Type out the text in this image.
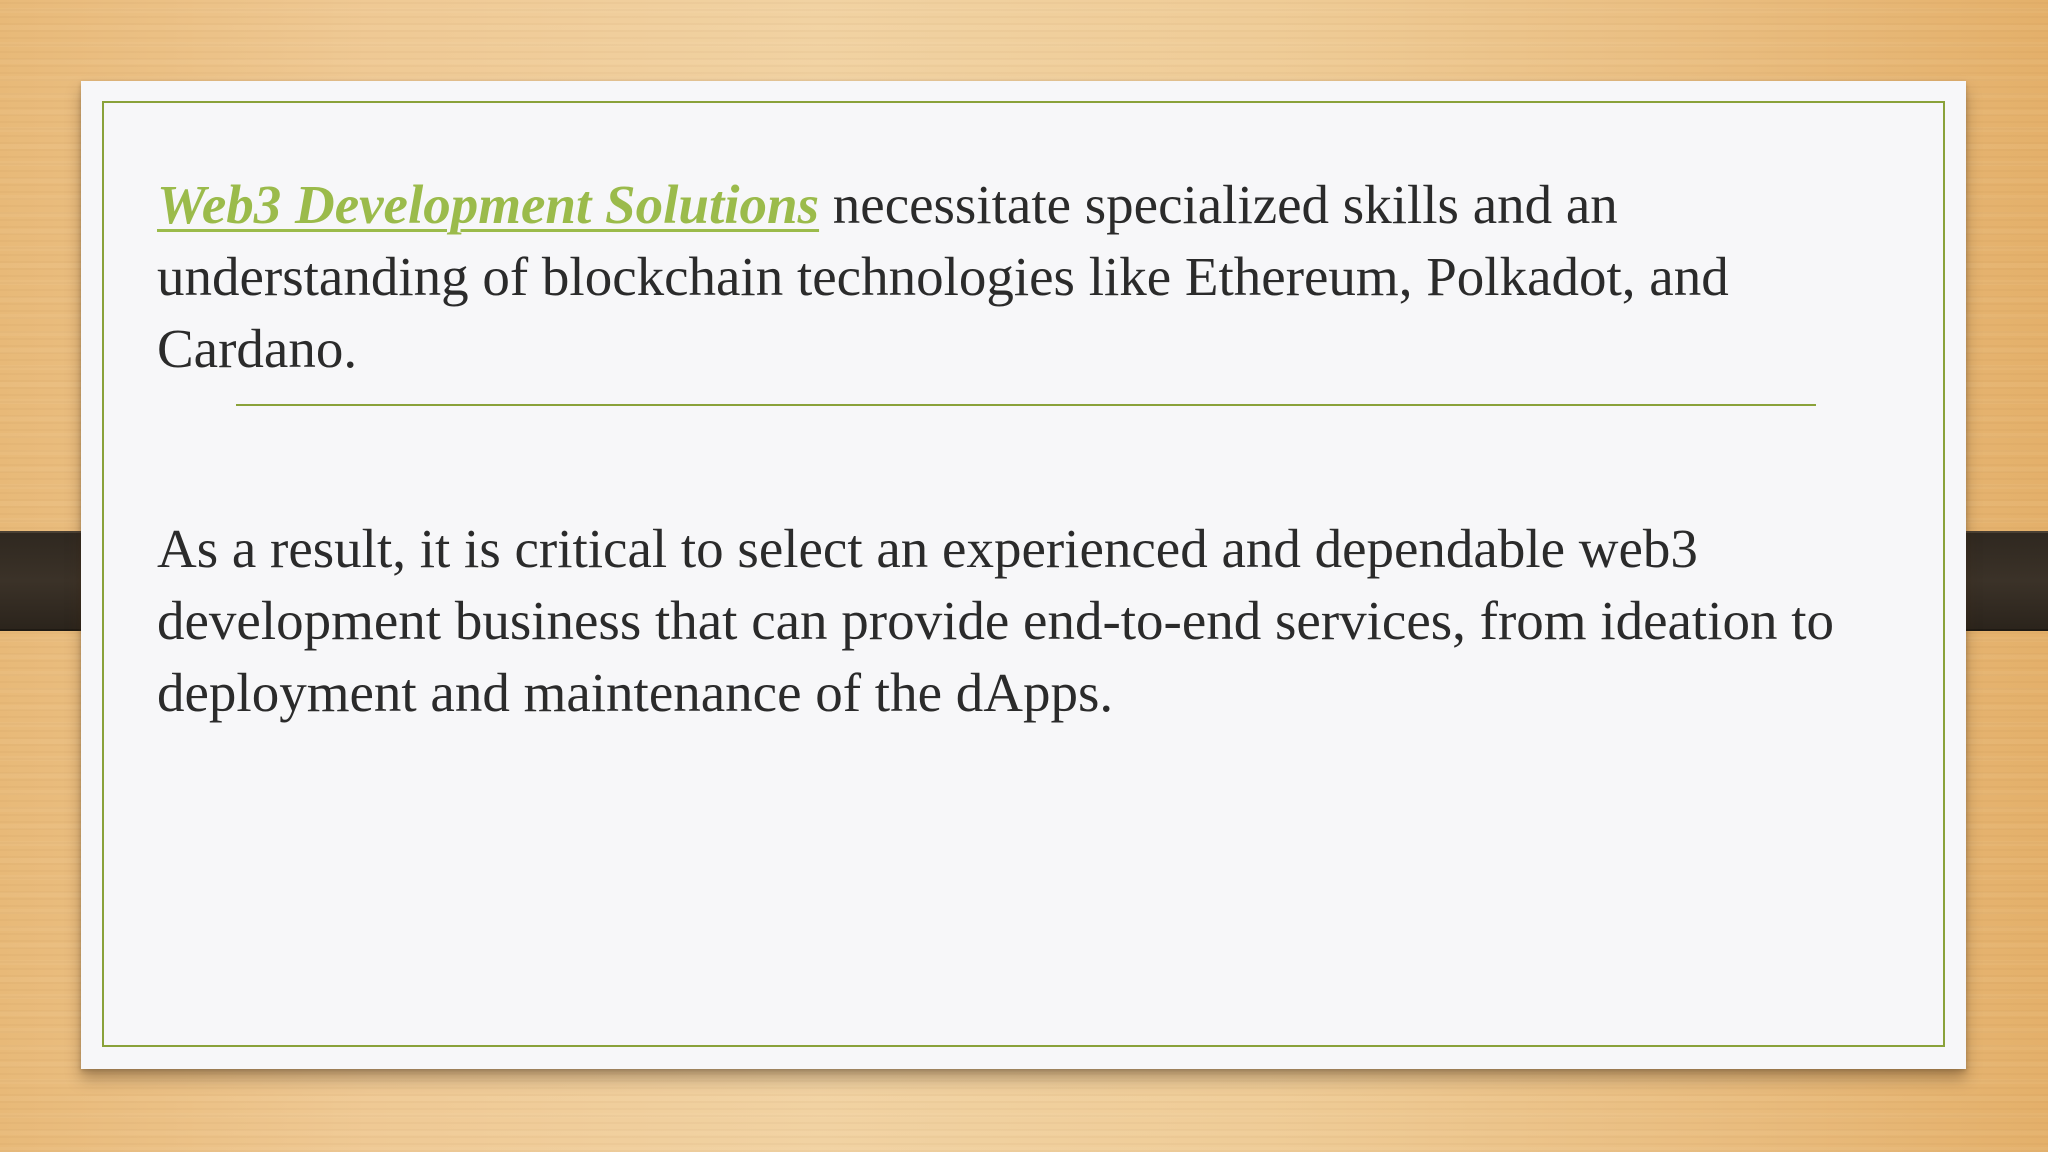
Web3 Development Solutions necessitate specialized skills and an understanding of blockchain technologies like Ethereum, Polkadot, and Cardano.

As a result, it is critical to select an experienced and dependable web3 development business that can provide end-to-end services, from ideation to deployment and maintenance of the dApps.
